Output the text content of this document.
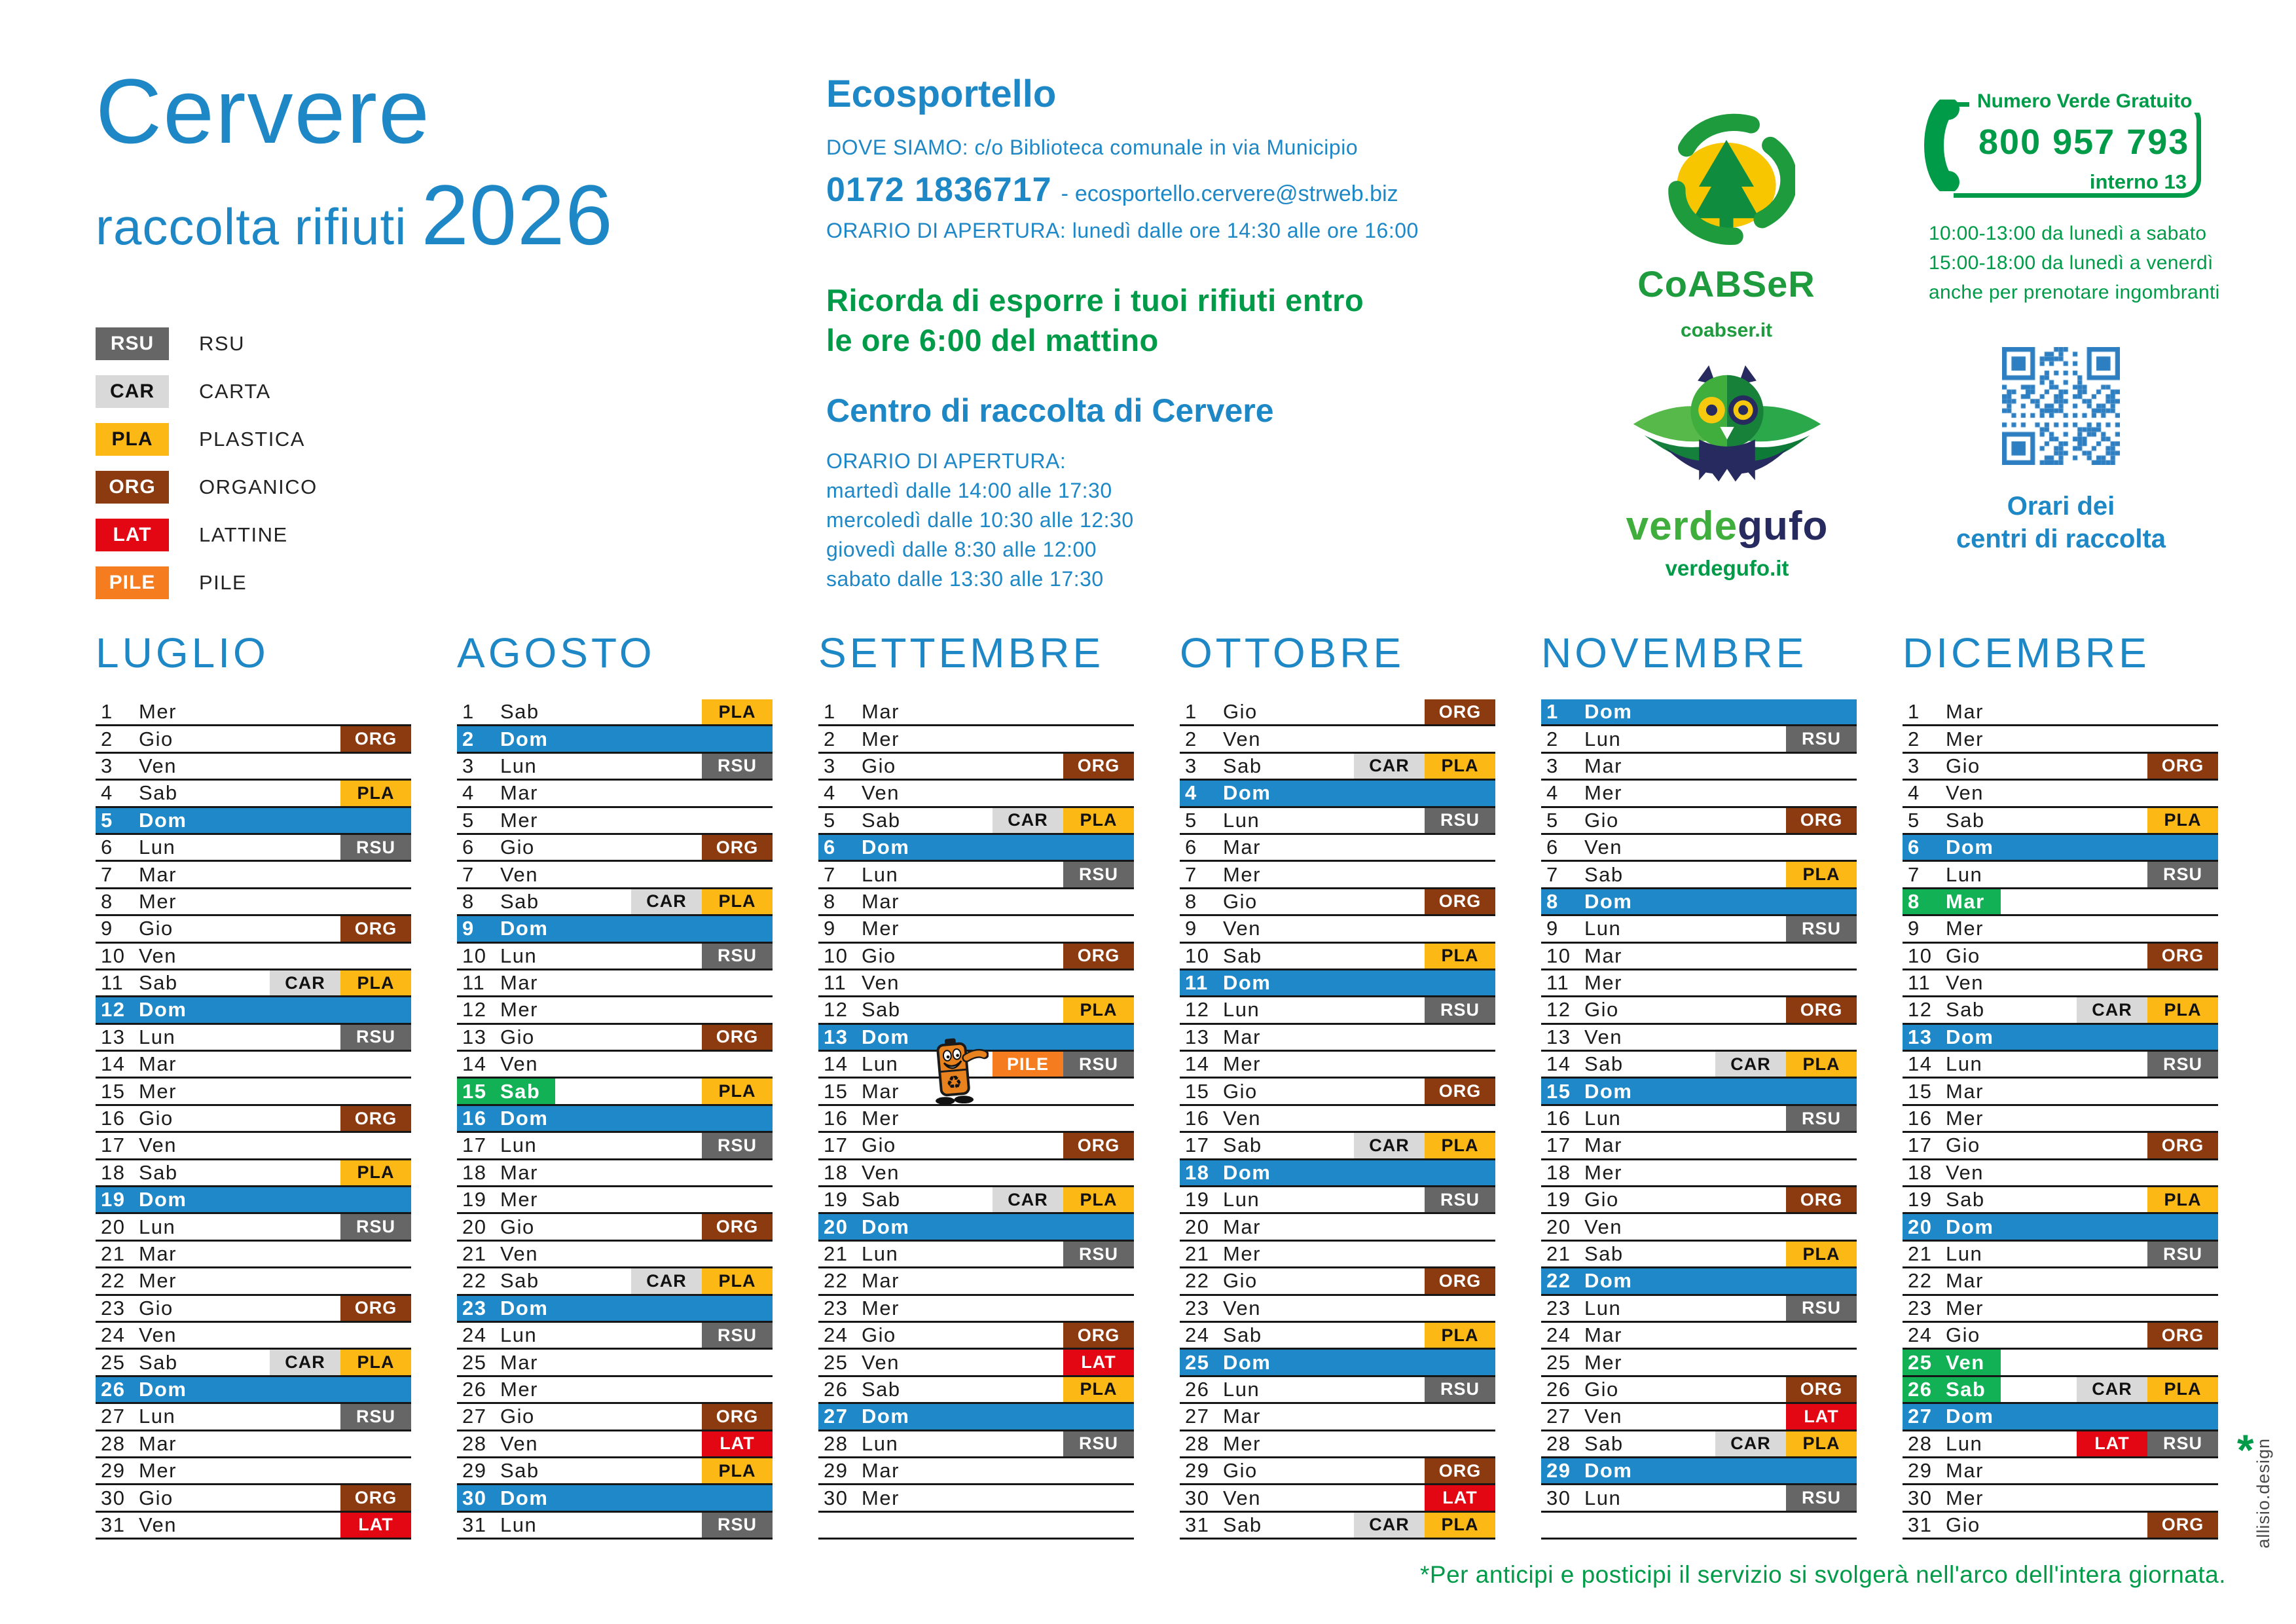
Cervere
raccolta rifiuti 2026
RSU	RSU
CAR	CARTA
PLA	PLASTICA
ORG	ORGANICO
LAT	LATTINE
PILE	PILE
Ecosportello
DOVE SIAMO: c/o Biblioteca comunale in via Municipio
0172 1836717 - ecosportello.cervere@strweb.biz
ORARIO DI APERTURA: lunedì dalle ore 14:30 alle ore 16:00
Ricorda di esporre i tuoi rifiuti entro
le ore 6:00 del mattino
Centro di raccolta di Cervere
ORARIO DI APERTURA:
martedì dalle 14:00 alle 17:30
mercoledì dalle 10:30 alle 12:30
giovedì dalle 8:30 alle 12:00
sabato dalle 13:30 alle 17:30
CoABSeR
coabser.it
Numero Verde Gratuito
800 957 793
interno 13
10:00-13:00 da lunedì a sabato
15:00-18:00 da lunedì a venerdì
anche per prenotare ingombranti
verdegufo
verdegufo.it
Orari dei
centri di raccolta
LUGLIO
1	Mer
2	Gio	ORG
3	Ven
4	Sab	PLA
5	Dom
6	Lun	RSU
7	Mar
8	Mer
9	Gio	ORG
10 Ven
11 Sab	CAR	PLA
12 Dom
13 Lun	RSU
14 Mar
15 Mer
16 Gio	ORG
17 Ven
18 Sab	PLA
19 Dom
20 Lun	RSU
21 Mar
22 Mer
23 Gio	ORG
24 Ven
25 Sab	CAR	PLA
26 Dom
27 Lun	RSU
28 Mar
29 Mer
30 Gio	ORG
31 Ven	LAT
AGOSTO
1	Sab	PLA
2	Dom
3	Lun	RSU
4	Mar
5	Mer
6	Gio	ORG
7	Ven
8	Sab	CAR	PLA
9	Dom
10 Lun	RSU
11 Mar
12 Mer
13 Gio	ORG
14 Ven
15 Sab	PLA
16 Dom
17 Lun	RSU
18 Mar
19 Mer
20 Gio	ORG
21 Ven
22 Sab	CAR	PLA
23 Dom
24 Lun	RSU
25 Mar
26 Mer
27 Gio	ORG
28 Ven	LAT
29 Sab	PLA
30 Dom
31 Lun	RSU
SETTEMBRE
1	Mar
2	Mer
3	Gio	ORG
4	Ven
5	Sab	CAR	PLA
6	Dom
7	Lun	RSU
8	Mar
9	Mer
10 Gio	ORG
11 Ven
12 Sab	PLA
13 Dom
14 Lun	PILE	RSU
15 Mar
16 Mer
17 Gio	ORG
18 Ven
19 Sab	CAR	PLA
20 Dom
21 Lun	RSU
22 Mar
23 Mer
24 Gio	ORG
25 Ven	LAT
26 Sab	PLA
27 Dom
28 Lun	RSU
29 Mar
30 Mer
OTTOBRE
1	Gio	ORG
2	Ven
3	Sab	CAR	PLA
4	Dom
5	Lun	RSU
6	Mar
7	Mer
8	Gio	ORG
9	Ven
10 Sab	PLA
11 Dom
12 Lun	RSU
13 Mar
14 Mer
15 Gio	ORG
16 Ven
17 Sab	CAR	PLA
18 Dom
19 Lun	RSU
20 Mar
21 Mer
22 Gio	ORG
23 Ven
24 Sab	PLA
25 Dom
26 Lun	RSU
27 Mar
28 Mer
29 Gio	ORG
30 Ven	LAT
31 Sab	CAR	PLA
NOVEMBRE
1	Dom
2	Lun	RSU
3	Mar
4	Mer
5	Gio	ORG
6	Ven
7	Sab	PLA
8	Dom
9	Lun	RSU
10 Mar
11 Mer
12 Gio	ORG
13 Ven
14 Sab	CAR	PLA
15 Dom
16 Lun	RSU
17 Mar
18 Mer
19 Gio	ORG
20 Ven
21 Sab	PLA
22 Dom
23 Lun	RSU
24 Mar
25 Mer
26 Gio	ORG
27 Ven	LAT
28 Sab	CAR	PLA
29 Dom
30 Lun	RSU
DICEMBRE
1	Mar
2	Mer
3	Gio	ORG
4	Ven
5	Sab	PLA
6	Dom
7	Lun	RSU
8	Mar
9	Mer
10 Gio	ORG
11 Ven
12 Sab	CAR	PLA
13 Dom
14 Lun	RSU
15 Mar
16 Mer
17 Gio	ORG
18 Ven
19 Sab	PLA
20 Dom
21 Lun	RSU
22 Mar
23 Mer
24 Gio	ORG
25 Ven
26 Sab	CAR	PLA
27 Dom
28 Lun	LAT	RSU *
29 Mar
30 Mer
31 Gio	ORG
♻
*Per anticipi e posticipi il servizio si svolgerà nell'arco dell'intera giornata.
allisio.design
